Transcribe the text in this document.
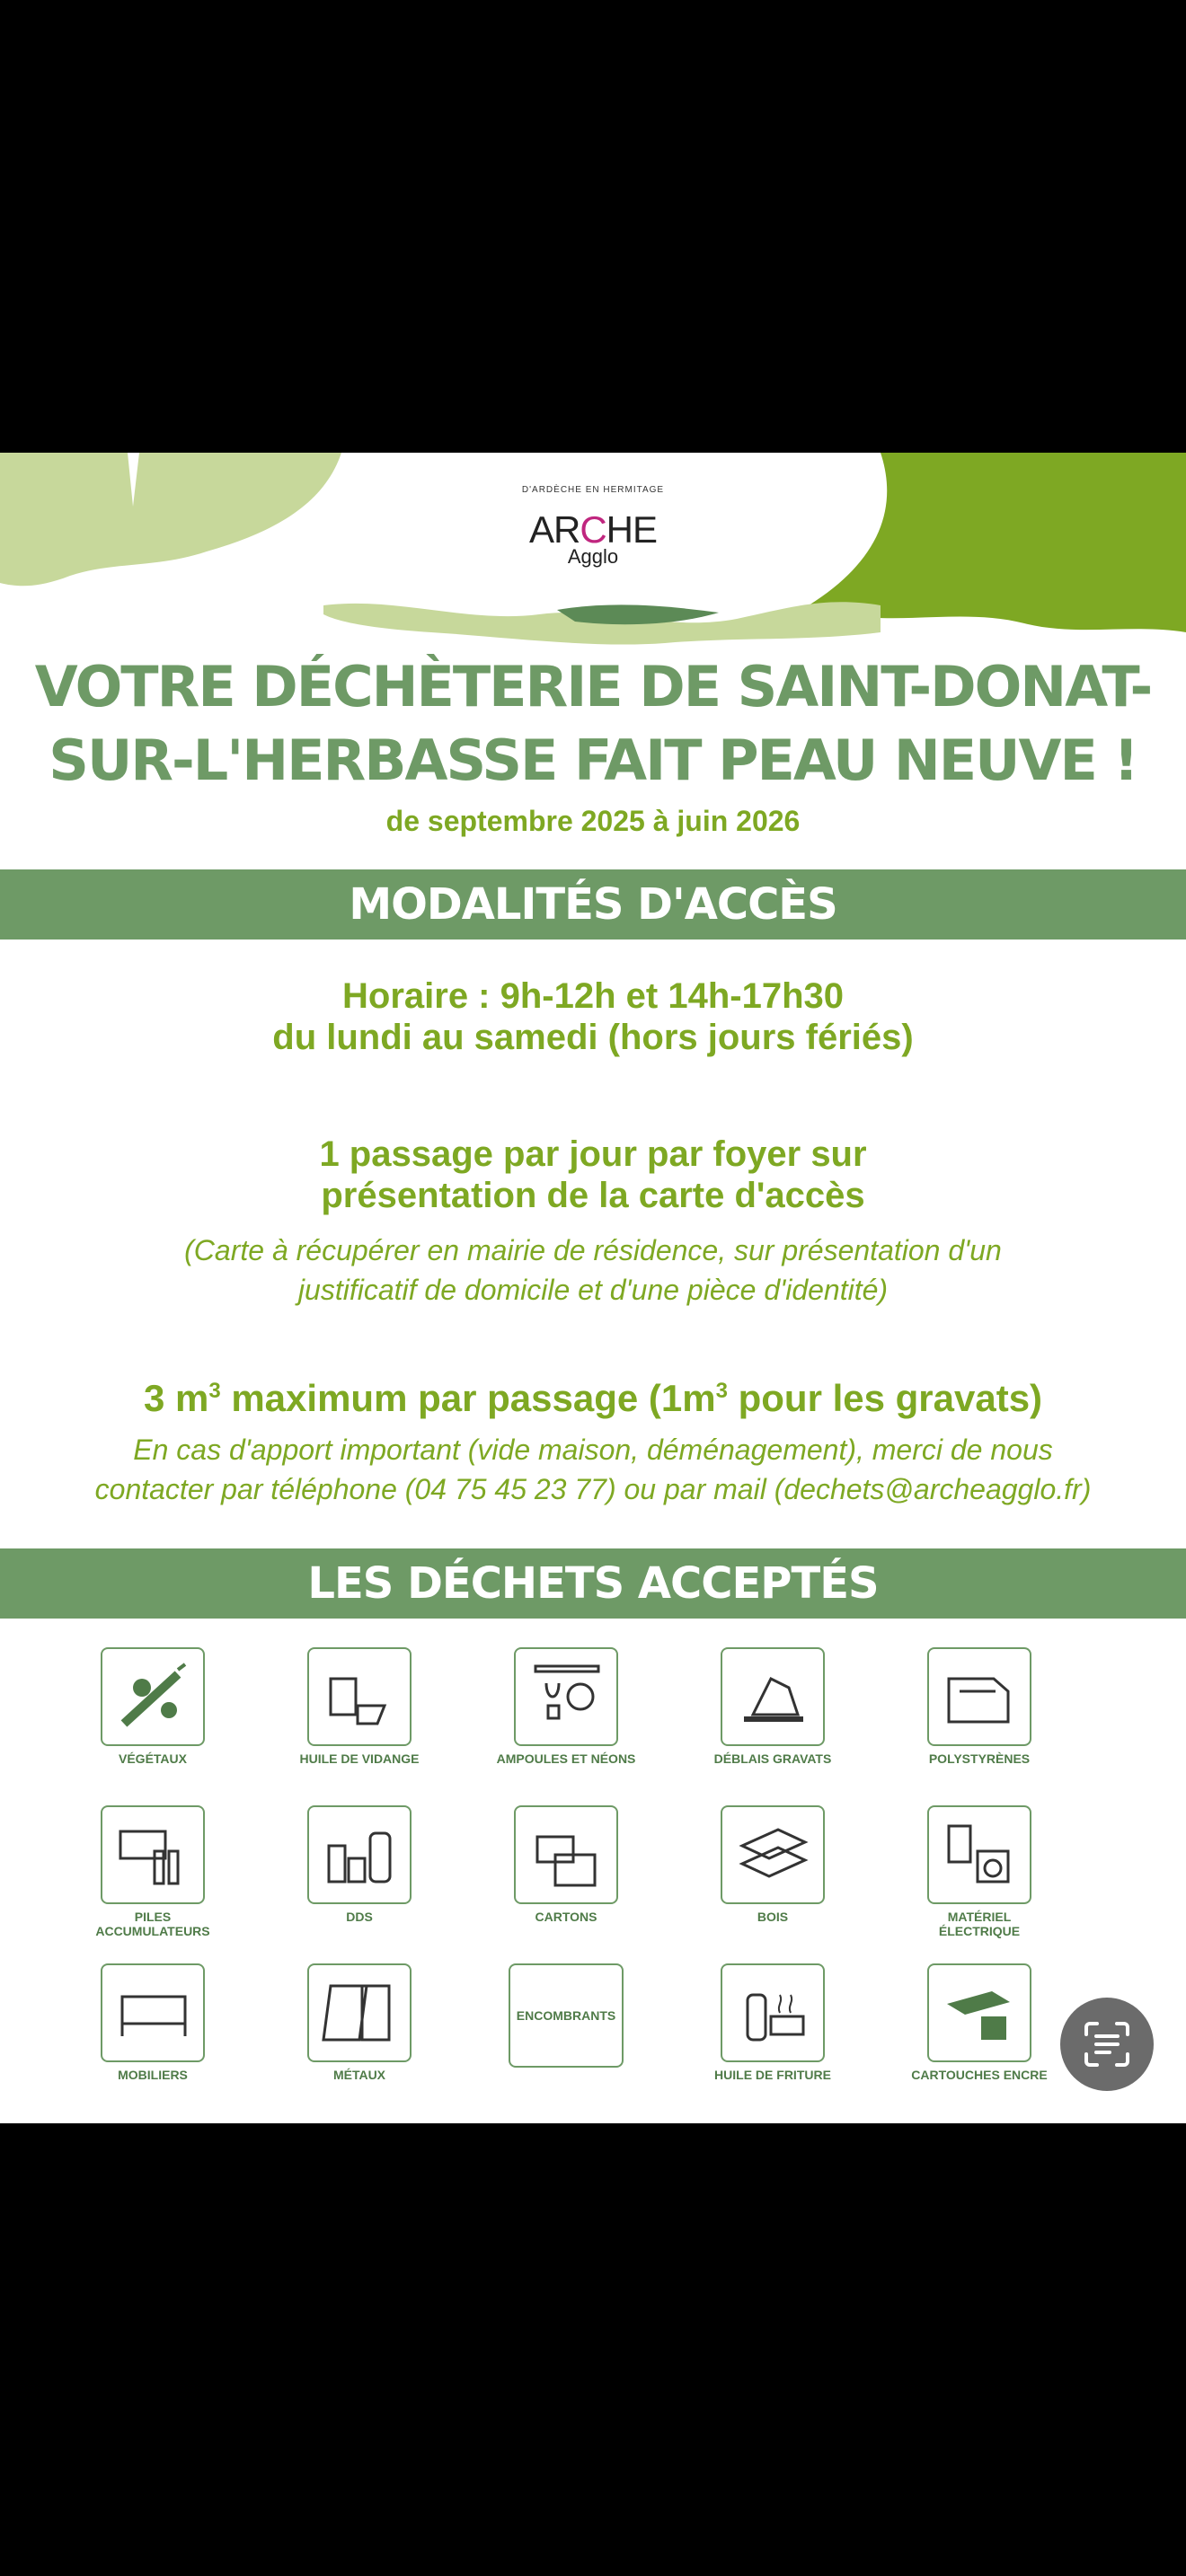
D'ARDÈCHE EN HERMITAGE
ARCHE
Agglo
VOTRE DÉCHÈTERIE DE SAINT-DONAT-
SUR-L'HERBASSE FAIT PEAU NEUVE !
de septembre 2025 à juin 2026
MODALITÉS D'ACCÈS
Horaire : 9h-12h et 14h-17h30
du lundi au samedi (hors jours fériés)
1 passage par jour par foyer sur
présentation de la carte d'accès
(Carte à récupérer en mairie de résidence, sur présentation d'un
justificatif de domicile et d'une pièce d'identité)
3 $m^3$ maximum par passage ($1m^3$ pour les gravats)
En cas d'apport important (vide maison, déménagement), merci de nous
contacter par téléphone (04 75 45 23 77) ou par mail (dechets@archeagglo.fr)
LES DÉCHETS ACCEPTÉS
VÉGÉTAUX	HUILE DE VIDANGE	AMPOULES ET NÉONS	DÉBLAIS GRAVATS	POLYSTYRÈNES
PILES ACCUMULATEURS
DDS	CARTONS	BOIS	MATÉRIEL ÉLECTRIQUE
MOBILIERS	MÉTAUX
ENCOMBRANTS
HUILE DE FRITURE	CARTOUCHES ENCRE
